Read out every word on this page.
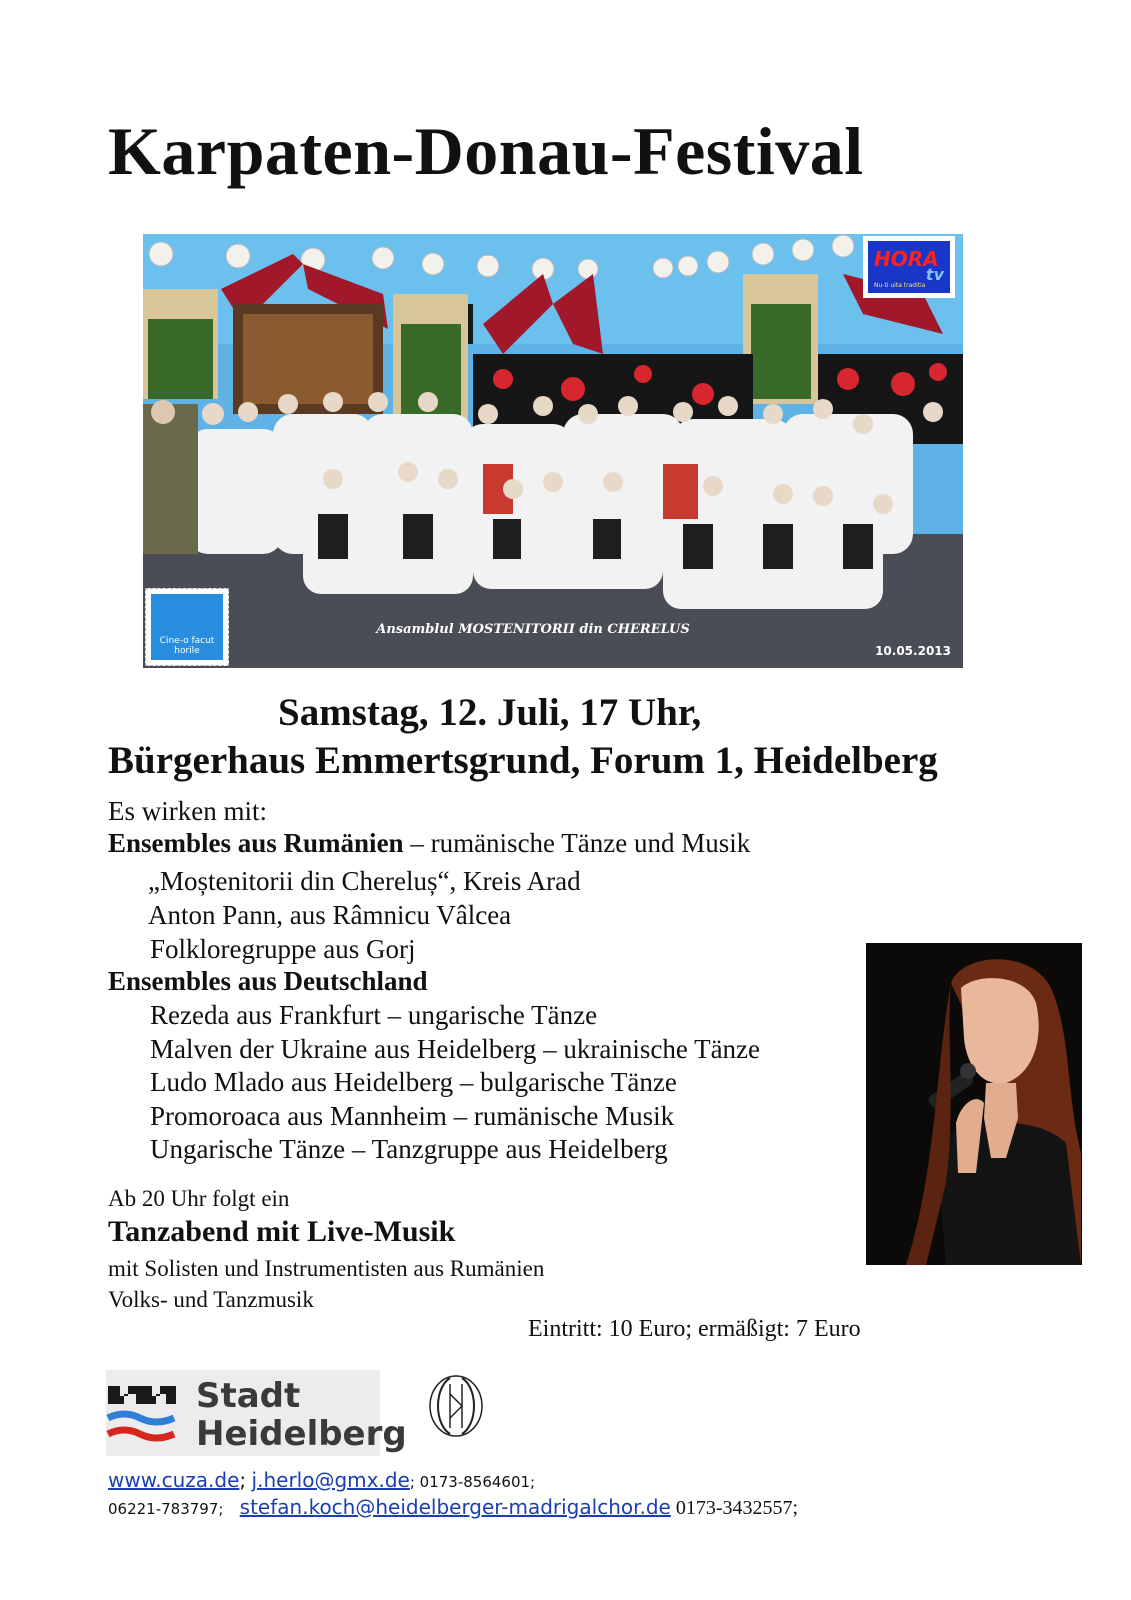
Karpaten-Donau-Festival
HORA
tv
Nu-ti uita traditia
Cine-o facut horile
Ansamblul MOSTENITORII din CHERELUS
10.05.2013
Samstag, 12. Juli, 17 Uhr,
Bürgerhaus Emmertsgrund, Forum 1, Heidelberg
Es wirken mit:
Ensembles aus Rumänien – rumänische Tänze und Musik
„Moștenitorii din Chereluș“, Kreis Arad
Anton Pann, aus Râmnicu Vâlcea
Folkloregruppe aus Gorj
Ensembles aus Deutschland
Rezeda aus Frankfurt – ungarische Tänze
Malven der Ukraine aus Heidelberg – ukrainische Tänze
Ludo Mlado aus Heidelberg – bulgarische Tänze
Promoroaca aus Mannheim – rumänische Musik
Ungarische Tänze – Tanzgruppe aus Heidelberg
Ab 20 Uhr folgt ein
Tanzabend mit Live-Musik
mit Solisten und Instrumentisten aus Rumänien
Volks- und Tanzmusik
Eintritt: 10 Euro; ermäßigt: 7 Euro
Stadt
Heidelberg
www.cuza.de; j.herlo@gmx.de; 0173-8564601;
06221-783797; stefan.koch@heidelberger-madrigalchor.de 0173-3432557;
